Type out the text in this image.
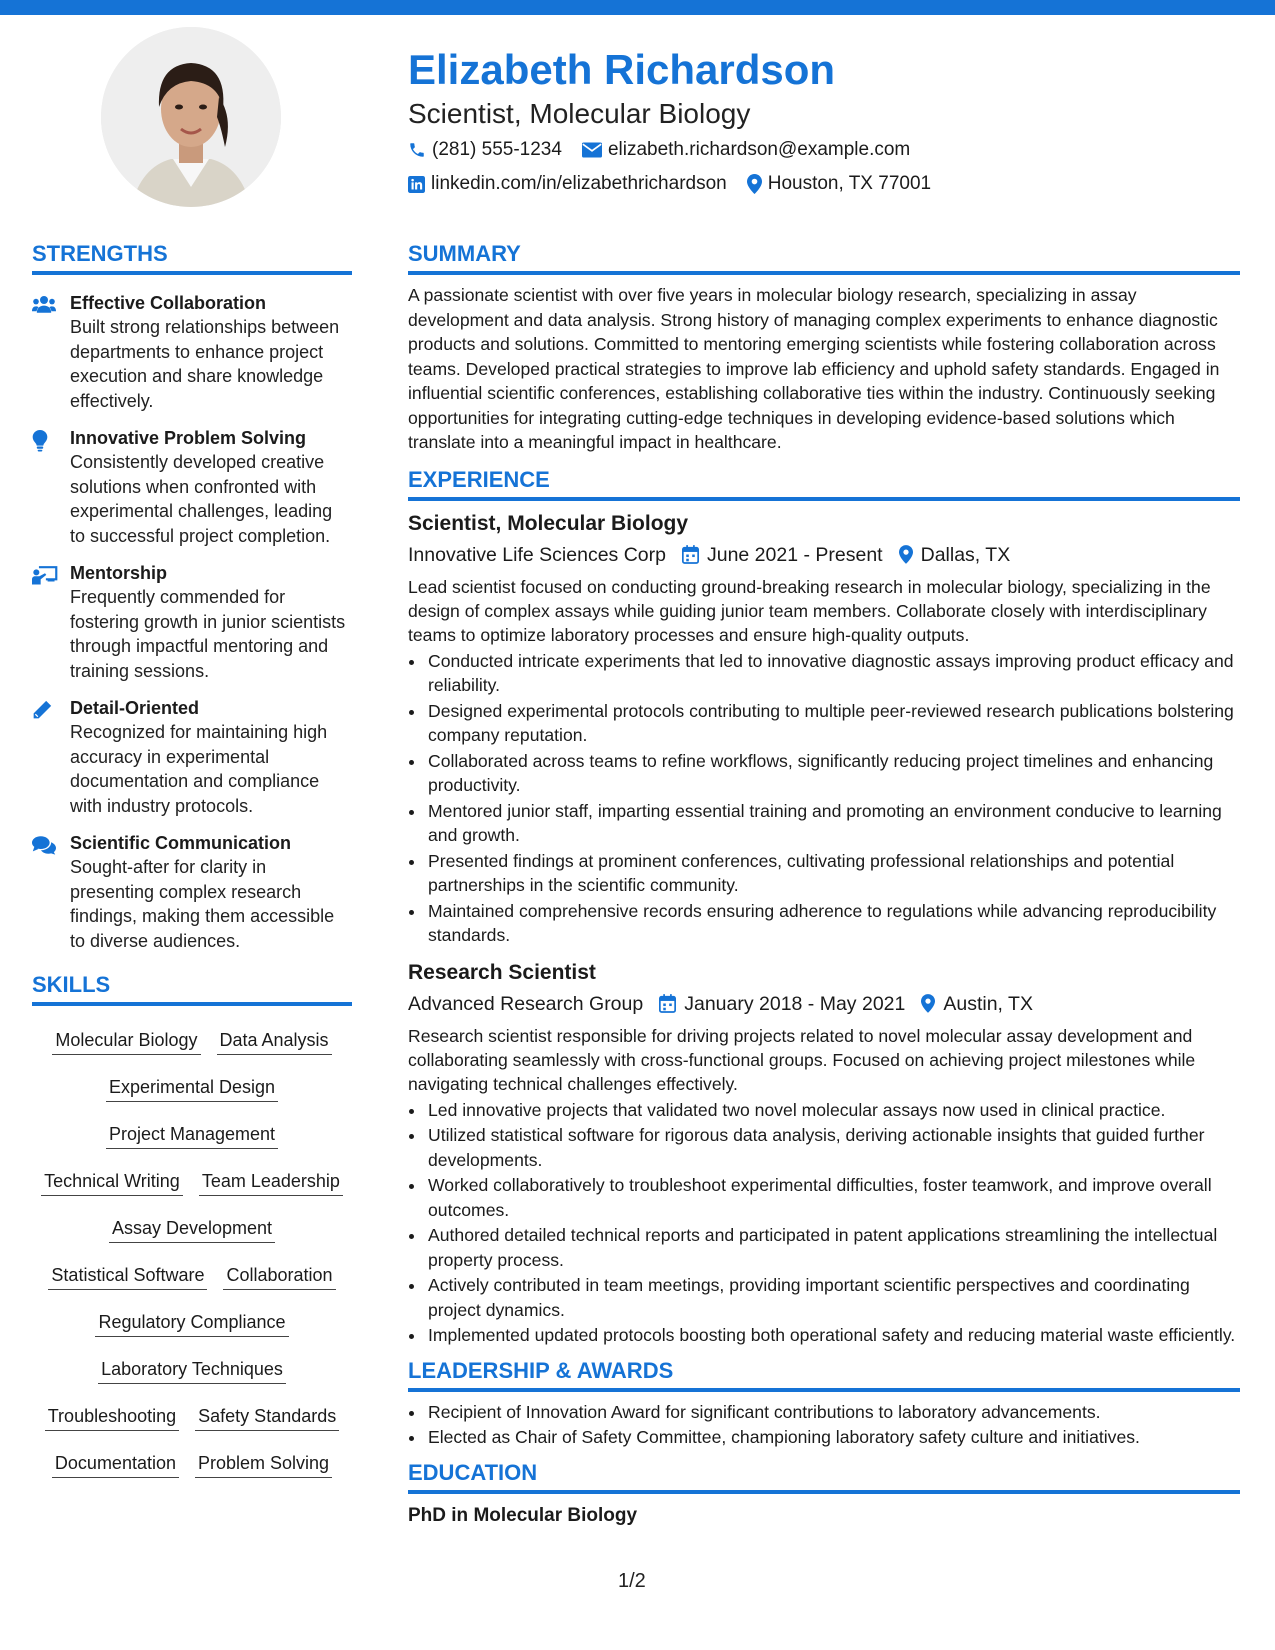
Elizabeth Richardson
Scientist, Molecular Biology
(281) 555-1234 elizabeth.richardson@example.com
linkedin.com/in/elizabethrichardson Houston, TX 77001
STRENGTHS
Effective Collaboration
Built strong relationships between departments to enhance project execution and share knowledge effectively.
Innovative Problem Solving
Consistently developed creative solutions when confronted with experimental challenges, leading to successful project completion.
Mentorship
Frequently commended for fostering growth in junior scientists through impactful mentoring and training sessions.
Detail-Oriented
Recognized for maintaining high accuracy in experimental documentation and compliance with industry protocols.
Scientific Communication
Sought-after for clarity in presenting complex research findings, making them accessible to diverse audiences.
SKILLS
Molecular Biology Data Analysis
Experimental Design
Project Management
Technical Writing Team Leadership
Assay Development
Statistical Software Collaboration
Regulatory Compliance
Laboratory Techniques
Troubleshooting Safety Standards
Documentation Problem Solving
SUMMARY

A passionate scientist with over five years in molecular biology research, specializing in assay development and data analysis. Strong history of managing complex experiments to enhance diagnostic products and solutions. Committed to mentoring emerging scientists while fostering collaboration across teams. Developed practical strategies to improve lab efficiency and uphold safety standards. Engaged in influential scientific conferences, establishing collaborative ties within the industry. Continuously seeking opportunities for integrating cutting-edge techniques in developing evidence-based solutions which translate into a meaningful impact in healthcare.

EXPERIENCE
Scientist, Molecular Biology
Innovative Life Sciences Corp June 2021 - Present Dallas, TX

Lead scientist focused on conducting ground-breaking research in molecular biology, specializing in the design of complex assays while guiding junior team members. Collaborate closely with interdisciplinary teams to optimize laboratory processes and ensure high-quality outputs.

• Conducted intricate experiments that led to innovative diagnostic assays improving product efficacy and reliability.
• Designed experimental protocols contributing to multiple peer-reviewed research publications bolstering company reputation.
• Collaborated across teams to refine workflows, significantly reducing project timelines and enhancing productivity.
• Mentored junior staff, imparting essential training and promoting an environment conducive to learning and growth.
• Presented findings at prominent conferences, cultivating professional relationships and potential partnerships in the scientific community.
• Maintained comprehensive records ensuring adherence to regulations while advancing reproducibility standards.
Research Scientist
Advanced Research Group January 2018 - May 2021 Austin, TX

Research scientist responsible for driving projects related to novel molecular assay development and collaborating seamlessly with cross-functional groups. Focused on achieving project milestones while navigating technical challenges effectively.

• Led innovative projects that validated two novel molecular assays now used in clinical practice.
• Utilized statistical software for rigorous data analysis, deriving actionable insights that guided further developments.
• Worked collaboratively to troubleshoot experimental difficulties, foster teamwork, and improve overall outcomes.
• Authored detailed technical reports and participated in patent applications streamlining the intellectual property process.
• Actively contributed in team meetings, providing important scientific perspectives and coordinating project dynamics.
• Implemented updated protocols boosting both operational safety and reducing material waste efficiently.
LEADERSHIP & AWARDS
• Recipient of Innovation Award for significant contributions to laboratory advancements.
• Elected as Chair of Safety Committee, championing laboratory safety culture and initiatives.
EDUCATION
PhD in Molecular Biology
1/2
